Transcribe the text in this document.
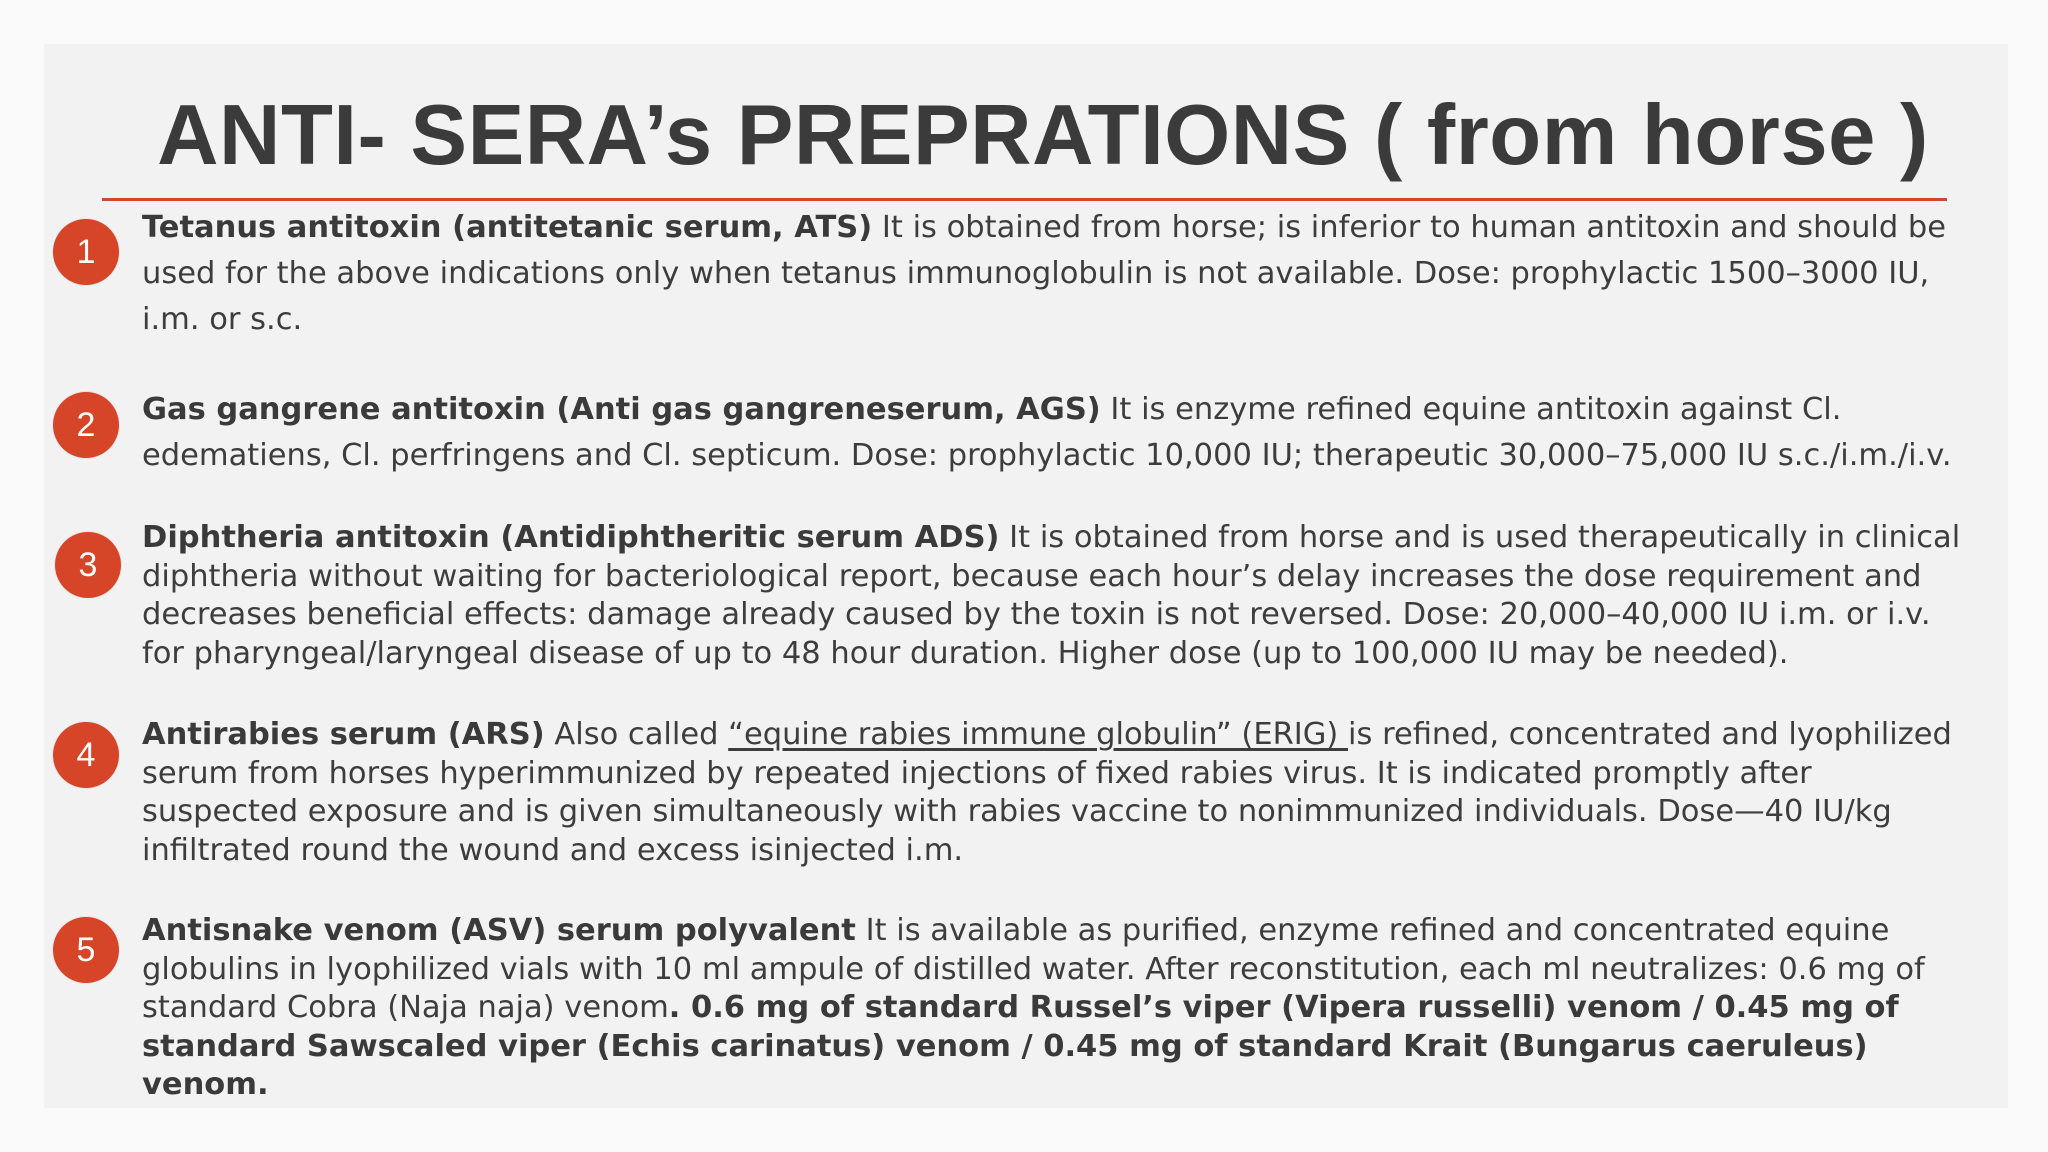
ANTI- SERA’s PREPRATIONS ( from horse )
1

Tetanus antitoxin (antitetanic serum, ATS) It is obtained from horse; is inferior to human antitoxin and should be used for the above indications only when tetanus immunoglobulin is not available. Dose: prophylactic 1500–3000 IU, i.m. or s.c.

2	Gas gangrene antitoxin (Anti gas gangreneserum, AGS) It is enzyme refined equine antitoxin against Cl. edematiens, Cl. perfringens and Cl. septicum. Dose: prophylactic 10,000 IU; therapeutic 30,000–75,000 IU s.c./i.m./i.v.

3

Diphtheria antitoxin (Antidiphtheritic serum ADS) It is obtained from horse and is used therapeutically in clinical diphtheria without waiting for bacteriological report, because each hour’s delay increases the dose requirement and decreases beneficial effects: damage already caused by the toxin is not reversed. Dose: 20,000–40,000 IU i.m. or i.v. for pharyngeal/laryngeal disease of up to 48 hour duration. Higher dose (up to 100,000 IU may be needed).

4

Antirabies serum (ARS) Also called “equine rabies immune globulin” (ERIG) is refined, concentrated and lyophilized serum from horses hyperimmunized by repeated injections of fixed rabies virus. It is indicated promptly after suspected exposure and is given simultaneously with rabies vaccine to nonimmunized individuals. Dose—40 IU/kg infiltrated round the wound and excess isinjected i.m.

5

Antisnake venom (ASV) serum polyvalent It is available as purified, enzyme refined and concentrated equine globulins in lyophilized vials with 10 ml ampule of distilled water. After reconstitution, each ml neutralizes: 0.6 mg of standard Cobra (Naja naja) venom. 0.6 mg of standard Russel’s viper (Vipera russelli) venom / 0.45 mg of standard Sawscaled viper (Echis carinatus) venom / 0.45 mg of standard Krait (Bungarus caeruleus) venom.
